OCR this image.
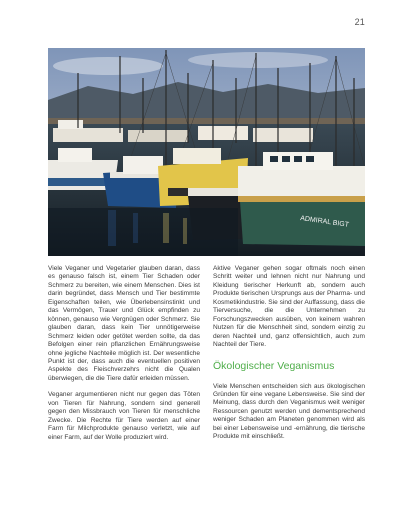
21
ADMIRAL BIGT

Viele Veganer und Vegetarier glauben daran, dass es genauso falsch ist, einem Tier Schaden oder Schmerz zu bereiten, wie einem Menschen. Dies ist darin begründet, dass Mensch und Tier bestimmte Eigenschaften teilen, wie Überlebensinstinkt und das Vermögen, Trauer und Glück empfinden zu können, genauso wie Vergnügen oder Schmerz. Sie glauben daran, dass kein Tier unnötigerweise Schmerz leiden oder getötet werden sollte, da das Befolgen einer rein pflanzlichen Ernährungsweise ohne jegliche Nachteile möglich ist. Der wesentliche Punkt ist der, dass auch die eventuellen positiven Aspekte des Fleischverzehrs nicht die Qualen überwiegen, die die Tiere dafür erleiden müssen.

Veganer argumentieren nicht nur gegen das Töten von Tieren für Nahrung, sondern sind generell gegen den Missbrauch von Tieren für menschliche Zwecke. Die Rechte für Tiere werden auf einer Farm für Milchprodukte genauso verletzt, wie auf einer Farm, auf der Wolle produziert wird.

Aktive Veganer gehen sogar oftmals noch einen Schritt weiter und lehnen nicht nur Nahrung und Kleidung tierischer Herkunft ab, sondern auch Produkte tierischen Ursprungs aus der Pharma- und Kosmetikindustrie. Sie sind der Auffassung, dass die Tierversuche, die die Unternehmen zu Forschungszwecken ausüben, von keinem wahren Nutzen für die Menschheit sind, sondern einzig zu deren Nachteil und, ganz offensichtlich, auch zum Nachteil der Tiere.

Ökologischer Veganismus

Viele Menschen entscheiden sich aus ökologischen Gründen für eine vegane Lebensweise. Sie sind der Meinung, dass durch den Veganismus weit weniger Ressourcen genutzt werden und dementsprechend weniger Schaden am Planeten genommen wird als bei einer Lebensweise und -ernährung, die tierische Produkte mit einschließt.
